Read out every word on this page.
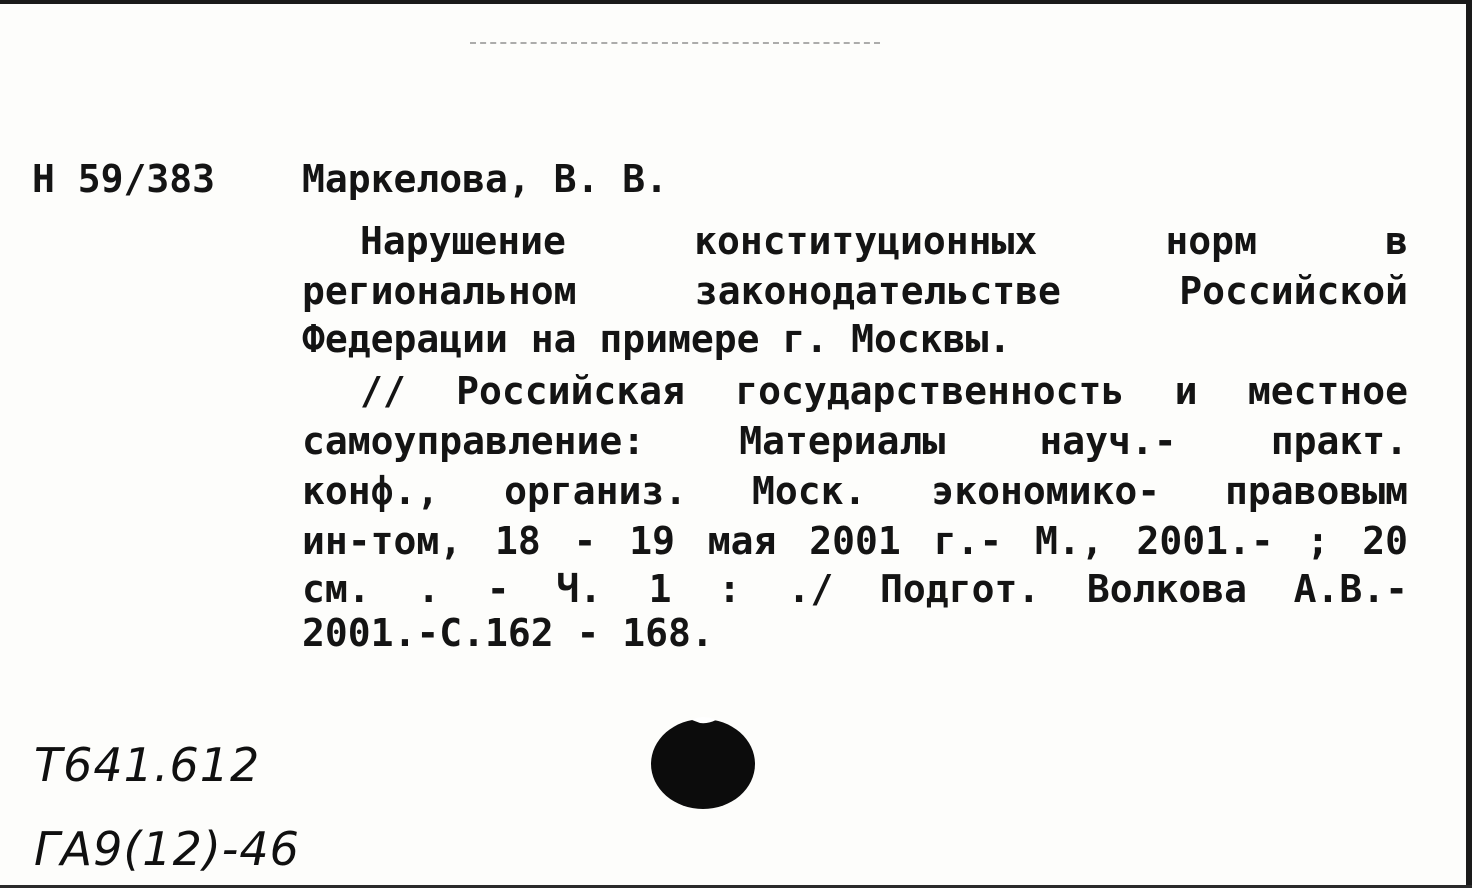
Н 59/383 Маркелова, В. В.
Нарушение конституционных норм в
региональном законодательстве Российской
Федерации на примере г. Москвы.
// Российская государственность и местное
самоуправление: Материалы науч.- практ.
конф., организ. Моск. экономико- правовым
ин-том, 18 - 19 мая 2001 г.- М., 2001.- ; 20
см. . - Ч. 1 : ./ Подгот. Волкова А.В.-
2001.-С.162 - 168.
Т641.612
ГА9(12)-46
